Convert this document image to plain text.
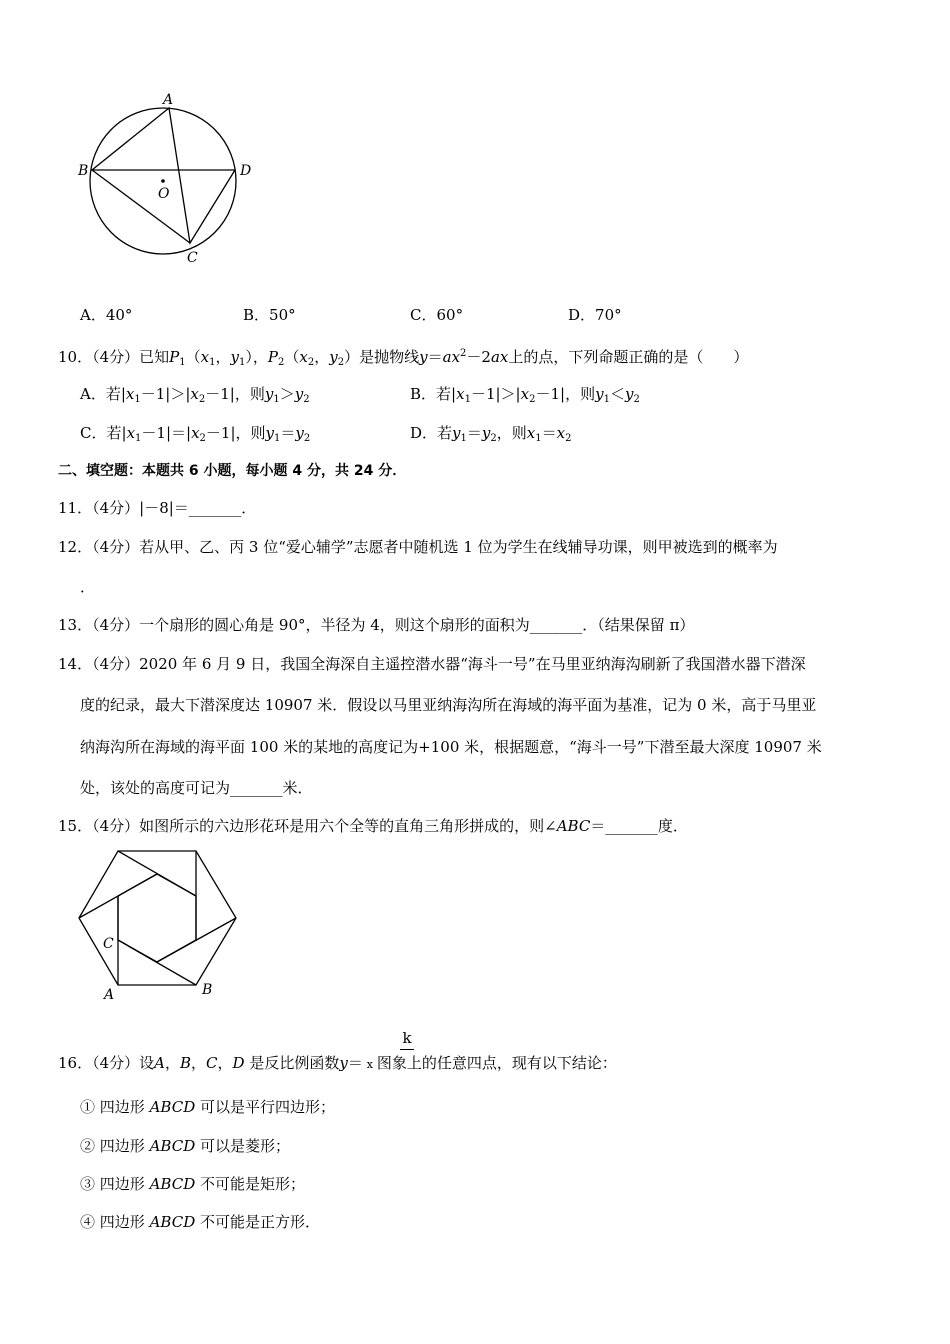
A
B	D
O
C
A．40°	B．50°	C．60°	D．70°
10．（4分）已知$P_1(x_1$，$y_1$），$P_2(x_2$，$y_2$）是抛物线$y=ax^2-2ax$上的点，下列命题正确的是（　　）
A．若$|x_1-1|>|x_2-1|$，则$y_1>y_2$	B．若$|x_1-1|>|x_2-1|$，则$y_1<y_2$
C．若$|x_1-1|=|x_2-1|$，则$y_1=y_2$	D．若$y_1=y_2$，则$x_1=x_2$
二、填空题：本题共 6 小题，每小题 4 分，共 24 分．
11．（4分）|－8|＝_______．
12．（4分）若从甲、乙、丙 3 位“爱心辅学”志愿者中随机选 1 位为学生在线辅导功课，则甲被选到的概率为
．
13．（4分）一个扇形的圆心角是 90°，半径为 4，则这个扇形的面积为_______．（结果保留 π）
14．（4分）2020 年 6 月 9 日，我国全海深自主遥控潜水器“海斗一号”在马里亚纳海沟刷新了我国潜水器下潜深
度的纪录，最大下潜深度达 10907 米．假设以马里亚纳海沟所在海域的海平面为基准，记为 0 米，高于马里亚
纳海沟所在海域的海平面 100 米的某地的高度记为+100 米，根据题意，“海斗一号”下潜至最大深度 10907 米
处，该处的高度可记为_______米．
15．（4分）如图所示的六边形花环是用六个全等的直角三角形拼成的，则∠ABC＝_______度．
C
A	B
k
16．（4分）设A，B，C，D 是反比例函数y＝ x 图象上的任意四点，现有以下结论：
① 四边形 ABCD 可以是平行四边形；
② 四边形 ABCD 可以是菱形；
③ 四边形 ABCD 不可能是矩形；
④ 四边形 ABCD 不可能是正方形．
